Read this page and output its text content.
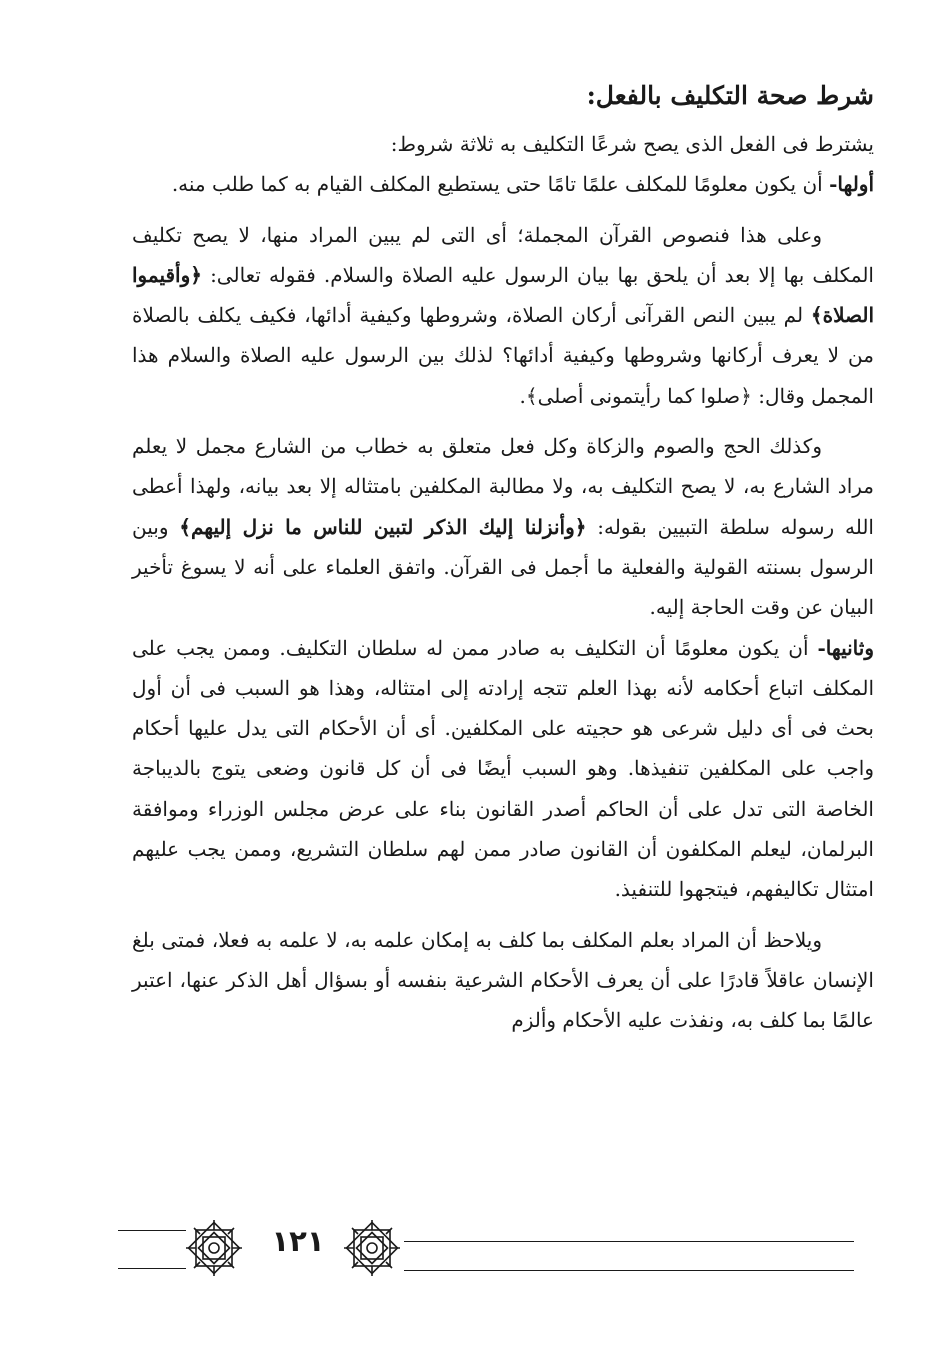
شرط صحة التكليف بالفعل:

يشترط فى الفعل الذى يصح شرعًا التكليف به ثلاثة شروط:

أولها- أن يكون معلومًا للمكلف علمًا تامًا حتى يستطيع المكلف القيام به كما طلب منه.

وعلى هذا فنصوص القرآن المجملة؛ أى التى لم يبين المراد منها، لا يصح تكليف المكلف بها إلا بعد أن يلحق بها بيان الرسول عليه الصلاة والسلام. فقوله تعالى: ﴿وأقيموا الصلاة﴾ لم يبين النص القرآنى أركان الصلاة، وشروطها وكيفية أدائها، فكيف يكلف بالصلاة من لا يعرف أركانها وشروطها وكيفية أدائها؟ لذلك بين الرسول عليه الصلاة والسلام هذا المجمل وقال: ﴿صلوا كما رأيتمونى أصلى﴾.

وكذلك الحج والصوم والزكاة وكل فعل متعلق به خطاب من الشارع مجمل لا يعلم مراد الشارع به، لا يصح التكليف به، ولا مطالبة المكلفين بامتثاله إلا بعد بيانه، ولهذا أعطى الله رسوله سلطة التبيين بقوله: ﴿وأنزلنا إليك الذكر لتبين للناس ما نزل إليهم﴾ وبين الرسول بسنته القولية والفعلية ما أجمل فى القرآن. واتفق العلماء على أنه لا يسوغ تأخير البيان عن وقت الحاجة إليه.

وثانيها- أن يكون معلومًا أن التكليف به صادر ممن له سلطان التكليف. وممن يجب على المكلف اتباع أحكامه لأنه بهذا العلم تتجه إرادته إلى امتثاله، وهذا هو السبب فى أن أول بحث فى أى دليل شرعى هو حجيته على المكلفين. أى أن الأحكام التى يدل عليها أحكام واجب على المكلفين تنفيذها. وهو السبب أيضًا فى أن كل قانون وضعى يتوج بالديباجة الخاصة التى تدل على أن الحاكم أصدر القانون بناء على عرض مجلس الوزراء وموافقة البرلمان، ليعلم المكلفون أن القانون صادر ممن لهم سلطان التشريع، وممن يجب عليهم امتثال تكاليفهم، فيتجهوا للتنفيذ.

ويلاحظ أن المراد بعلم المكلف بما كلف به إمكان علمه به، لا علمه به فعلا، فمتى بلغ الإنسان عاقلاً قادرًا على أن يعرف الأحكام الشرعية بنفسه أو بسؤال أهل الذكر عنها، اعتبر عالمًا بما كلف به، ونفذت عليه الأحكام وألزم

١٢١
